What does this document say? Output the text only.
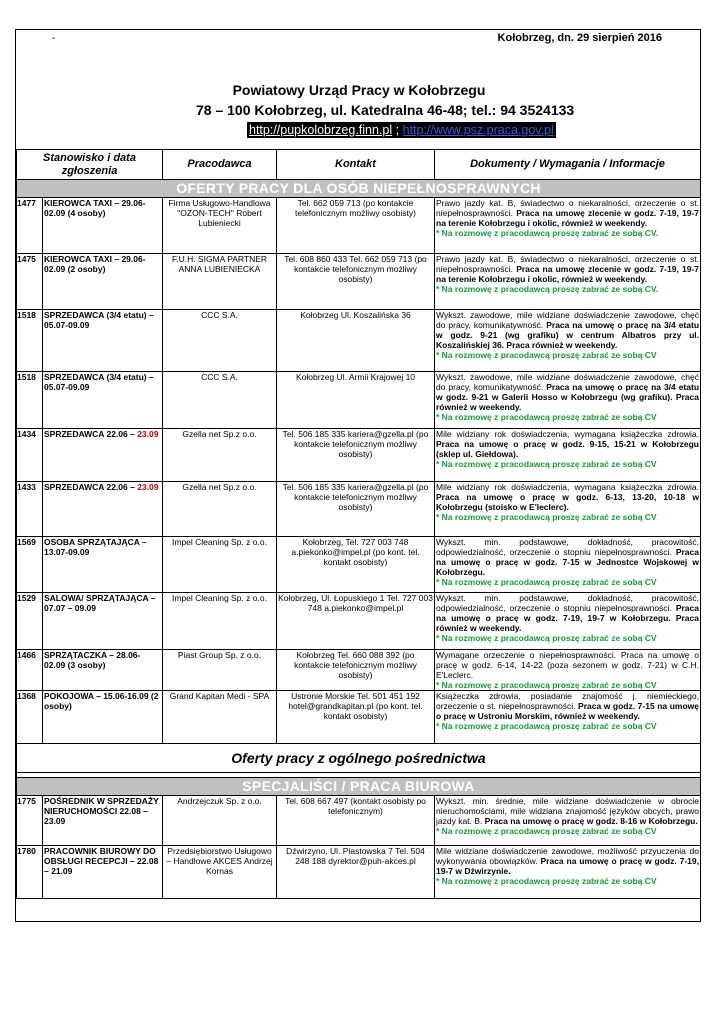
-	Kołobrzeg, dn. 29 sierpień 2016
Powiatowy Urząd Pracy w Kołobrzegu
78 – 100 Kołobrzeg, ul. Katedralna 46-48; tel.: 94 3524133
http://pupkolobrzeg.finn.pl ; http://www.psz.praca.gov.pl
Stanowisko i data zgłoszenia		Pracodawca	Kontakt	Dokumenty / Wymagania / Informacje
OFERTY PRACY DLA OSÓB NIEPEŁNOSPRAWNYCH				
1477	KIEROWCA TAXI – 29.06-02.09 (4 osoby)	Firma Usługowo-Handlowa "OZON-TECH" Robert Lubieniecki	Tel. 662 059 713 (po kontakcie telefonicznym możliwy osobisty)	Prawo jazdy kat. B, świadectwo o niekaralności, orzeczenie o st. niepełnosprawności. Praca na umowę zlecenie w godz. 7-19, 19-7 na terenie Kołobrzegu i okolic, również w weekendy.
* Na rozmowę z pracodawcą proszę zabrać ze sobą CV.

1475	KIEROWCA TAXI – 29.06-02.09 (2 osoby)	F.U.H. SIGMA PARTNER ANNA LUBIENIECKA	Tel. 608 860 433 Tel. 662 059 713 (po kontakcie telefonicznym możliwy osobisty)	Prawo jazdy kat. B, świadectwo o niekaralności, orzeczenie o st. niepełnosprawności. Praca na umowę zlecenie w godz. 7-19, 19-7 na terenie Kołobrzegu i okolic, również w weekendy.
* Na rozmowę z pracodawcą proszę zabrać ze sobą CV.

1518	SPRZEDAWCA (3/4 etatu) – 05.07-09.09	CCC S.A.	Kołobrzeg Ul. Koszalińska 36	Wykszt. zawodowe, mile widziane doświadczenie zawodowe, chęć do pracy, komunikatywność. Praca na umowę o pracę na 3/4 etatu w godz. 9-21 (wg grafiku) w centrum Albatros przy ul. Koszalińskiej 36. Praca również w weekendy.
* Na rozmowę z pracodawcą proszę zabrać ze sobą CV

1518	SPRZEDAWCA (3/4 etatu) – 05.07-09.09	CCC S.A.	Kołobrzeg Ul. Armii Krajowej 10	Wykszt. zawodowe, mile widziane doświadczenie zawodowe, chęć do pracy, komunikatywność. Praca na umowę o pracę na 3/4 etatu w godz. 9-21 w Galerii Hosso w Kołobrzegu (wg grafiku). Praca również w weekendy.
* Na rozmowę z pracodawcą proszę zabrać ze sobą CV

1434	SPRZEDAWCA 22.06 – 23.09	Gzella net Sp.z o.o.	Tel. 506 185 335 kariera@gzella.pl (po kontakcie telefonicznym możliwy osobisty)	Mile widziany rok doświadczenia, wymagana książeczka zdrowia. Praca na umowę o pracę w godz. 9-15, 15-21 w Kołobrzegu (sklep ul. Giełdowa).
* Na rozmowę z pracodawcą proszę zabrać ze sobą CV

1433	SPRZEDAWCA 22.06 – 23.09	Gzella net Sp.z o.o.	Tel. 506 185 335 kariera@gzella.pl (po kontakcie telefonicznym możliwy osobisty)	Mile widziany rok doświadczenia, wymagana książeczka zdrowia. Praca na umowę o pracę w godz. 6-13, 13-20, 10-18 w Kołobrzegu (stoisko w E'leclerc).
* Na rozmowę z pracodawcą proszę zabrać ze sobą CV

1569	OSOBA SPRZĄTAJĄCA – 13.07-09.09	Impel Cleaning Sp. z o.o.	Kołobrzeg, Tel. 727 003 748 a.piekonko@impel.pl (po kont. tel. kontakt osobisty)	Wykszt. min. podstawowe, dokładność, pracowitość, odpowiedzialność, orzeczenie o stopniu niepełnosprawności. Praca na umowę o pracę w godz. 7-15 w Jednostce Wojskowej w Kołobrzegu.
* Na rozmowę z pracodawcą proszę zabrać ze sobą CV

1529	SALOWA/ SPRZĄTAJĄCA – 07.07 – 09.09	Impel Cleaning Sp. z o.o.	Kołobrzeg, Ul. Łopuskiego 1 Tel. 727 003 748 a.piekonko@impel.pl	Wykszt. min. podstawowe, dokładność, pracowitość, odpowiedzialność, orzeczenie o stopniu niepełnosprawności. Praca na umowę o pracę w godz. 7-19, 19-7 w Kołobrzegu. Praca również w weekendy.
* Na rozmowę z pracodawcą proszę zabrać ze sobą CV

1466	SPRZĄTACZKA – 28.06-02.09 (3 osoby)	Piast Group Sp. z o.o.	Kołobrzeg Tel. 660 088 392 (po kontakcie telefonicznym możliwy osobisty)	Wymagane orzeczenie o niepełnosprawności. Praca na umowę o pracę w godz. 6-14, 14-22 (poza sezonem w godz. 7-21) w C.H. E'Leclerc.
* Na rozmowę z pracodawcą proszę zabrać ze sobą CV

1368	POKOJOWA – 15.06-16.09 (2 osoby)	Grand Kapitan Medi - SPA	Ustronie Morskie Tel. 501 451 192 hotel@grandkapitan.pl (po kont. tel. kontakt osobisty)	Książeczka zdrowia, posiadanie znajomość j. niemieckiego, orzeczenie o st. niepełnosprawności. Praca w godz. 7-15 na umowę o pracę w Ustroniu Morskim, również w weekendy.
* Na rozmowę z pracodawcą proszę zabrać ze sobą CV

Oferty pracy z ogólnego pośrednictwa				

SPECJALIŚCI / PRACA BIUROWA				
1775	POŚREDNIK W SPRZEDAŻY NIERUCHOMOŚCI 22.08 – 23.09	Andrzejczuk Sp. z o.o.	Tel. 608 667 497 (kontakt osobisty po telefonicznym)	Wykszt. min. średnie, mile widziane doświadczenie w obrocie nieruchomościami, mile widziana znajomość języków obcych, prawo jazdy kat. B. Praca na umowę o pracę w godz. 8-16 w Kołobrzegu.
* Na rozmowę z pracodawcą proszę zabrać ze sobą CV

1780	PRACOWNIK BIUROWY DO OBSŁUGI RECEPCJI – 22.08 – 21.09	Przedsiębiorstwo Usługowo – Handlowe AKCES Andrzej Kornas	Dźwirzyno, Ul. Piastowska 7 Tel. 504 248 188 dyrektor@puh-akces.pl	Mile widziane doświadczenie zawodowe, możliwość przyuczenia do wykonywania obowiązków. Praca na umowę o pracę w godz. 7-19, 19-7 w Dźwirzynie.
* Na rozmowę z pracodawcą proszę zabrać ze sobą CV
